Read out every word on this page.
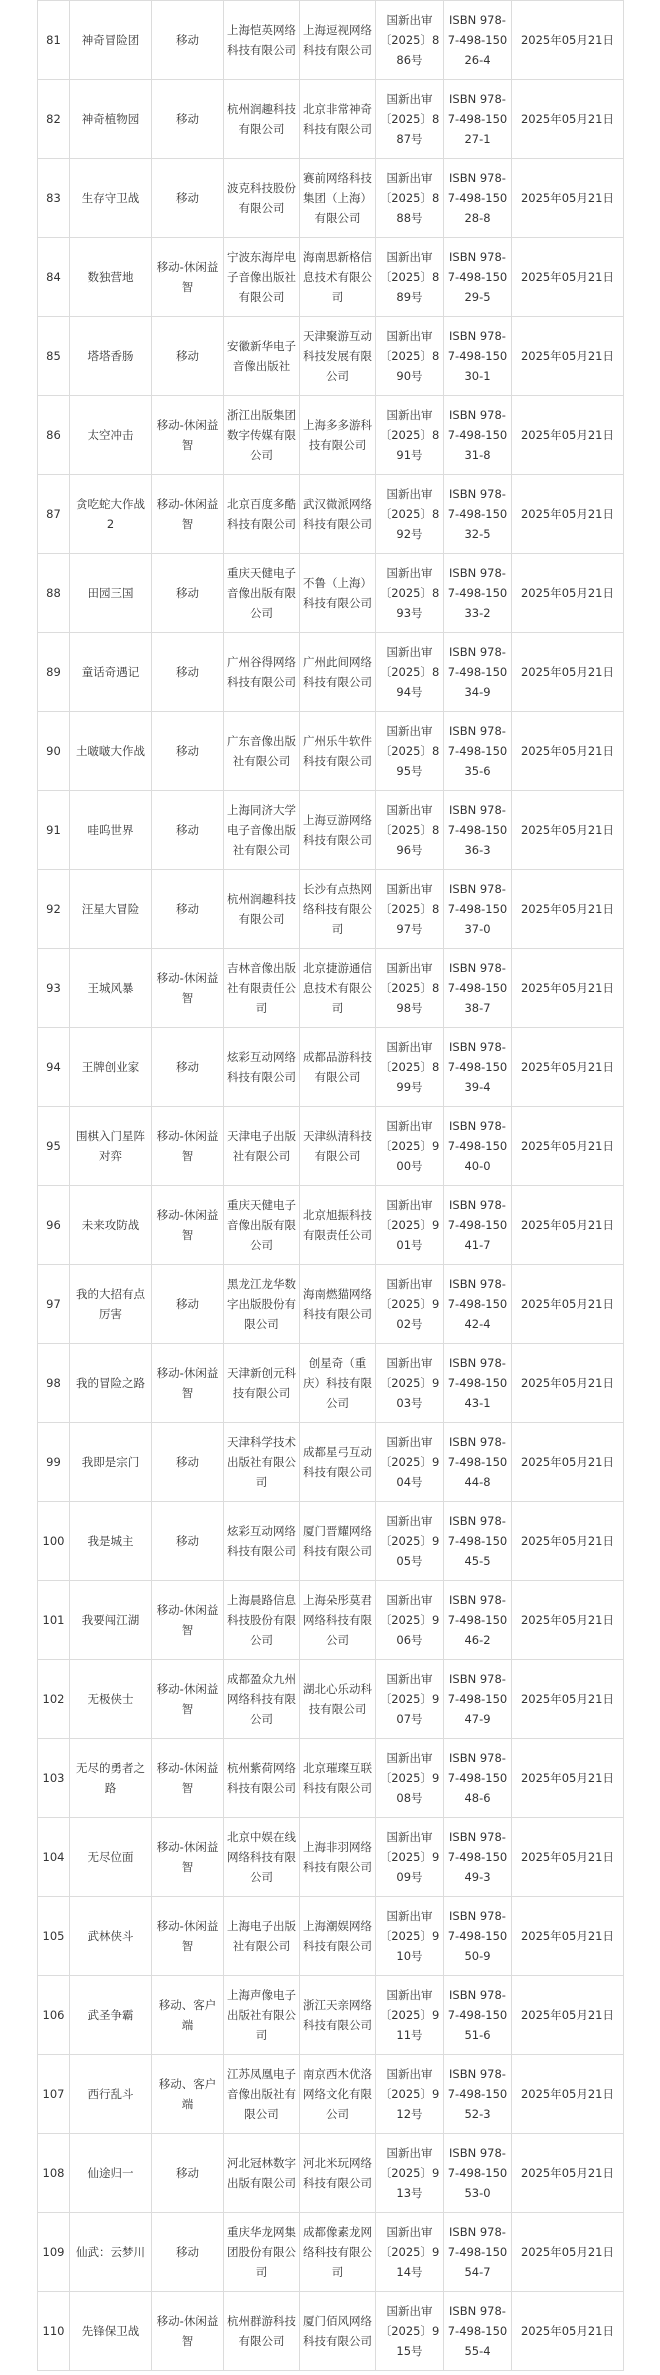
81	神奇冒险团	移动	上海恺英网络科技有限公司	上海逗视网络科技有限公司	国新出审〔2025〕886号	ISBN 978-7-498-15026-4	2025年05月21日
82	神奇植物园	移动	杭州润趣科技有限公司	北京非常神奇科技有限公司	国新出审〔2025〕887号	ISBN 978-7-498-15027-1	2025年05月21日
83	生存守卫战	移动	波克科技股份有限公司	赛前网络科技集团（上海）有限公司	国新出审〔2025〕888号	ISBN 978-7-498-15028-8	2025年05月21日
84	数独营地	移动-休闲益智	宁波东海岸电子音像出版社有限公司	海南思新格信息技术有限公司	国新出审〔2025〕889号	ISBN 978-7-498-15029-5	2025年05月21日
85	塔塔香肠	移动	安徽新华电子音像出版社	天津聚游互动科技发展有限公司	国新出审〔2025〕890号	ISBN 978-7-498-15030-1	2025年05月21日
86	太空冲击	移动-休闲益智	浙江出版集团数字传媒有限公司	上海多多游科技有限公司	国新出审〔2025〕891号	ISBN 978-7-498-15031-8	2025年05月21日
87	贪吃蛇大作战2	移动-休闲益智	北京百度多酷科技有限公司	武汉微派网络科技有限公司	国新出审〔2025〕892号	ISBN 978-7-498-15032-5	2025年05月21日
88	田园三国	移动	重庆天健电子音像出版有限公司	不鲁（上海）科技有限公司	国新出审〔2025〕893号	ISBN 978-7-498-15033-2	2025年05月21日
89	童话奇遇记	移动	广州谷得网络科技有限公司	广州此间网络科技有限公司	国新出审〔2025〕894号	ISBN 978-7-498-15034-9	2025年05月21日
90	土啵啵大作战	移动	广东音像出版社有限公司	广州乐牛软件科技有限公司	国新出审〔2025〕895号	ISBN 978-7-498-15035-6	2025年05月21日
91	哇呜世界	移动	上海同济大学电子音像出版社有限公司	上海豆游网络科技有限公司	国新出审〔2025〕896号	ISBN 978-7-498-15036-3	2025年05月21日
92	汪星大冒险	移动	杭州润趣科技有限公司	长沙有点热网络科技有限公司	国新出审〔2025〕897号	ISBN 978-7-498-15037-0	2025年05月21日
93	王城风暴	移动-休闲益智	吉林音像出版社有限责任公司	北京捷游通信息技术有限公司	国新出审〔2025〕898号	ISBN 978-7-498-15038-7	2025年05月21日
94	王牌创业家	移动	炫彩互动网络科技有限公司	成都品游科技有限公司	国新出审〔2025〕899号	ISBN 978-7-498-15039-4	2025年05月21日
95	围棋入门星阵对弈	移动-休闲益智	天津电子出版社有限公司	天津纵清科技有限公司	国新出审〔2025〕900号	ISBN 978-7-498-15040-0	2025年05月21日
96	未来攻防战	移动-休闲益智	重庆天健电子音像出版有限公司	北京旭振科技有限责任公司	国新出审〔2025〕901号	ISBN 978-7-498-15041-7	2025年05月21日
97	我的大招有点厉害	移动	黑龙江龙华数字出版股份有限公司	海南燃猫网络科技有限公司	国新出审〔2025〕902号	ISBN 978-7-498-15042-4	2025年05月21日
98	我的冒险之路	移动-休闲益智	天津新创元科技有限公司	创星奇（重庆）科技有限公司	国新出审〔2025〕903号	ISBN 978-7-498-15043-1	2025年05月21日
99	我即是宗门	移动	天津科学技术出版社有限公司	成都星弓互动科技有限公司	国新出审〔2025〕904号	ISBN 978-7-498-15044-8	2025年05月21日
100	我是城主	移动	炫彩互动网络科技有限公司	厦门晋耀网络科技有限公司	国新出审〔2025〕905号	ISBN 978-7-498-15045-5	2025年05月21日
101	我要闯江湖	移动-休闲益智	上海晨路信息科技股份有限公司	上海朵彤莫君网络科技有限公司	国新出审〔2025〕906号	ISBN 978-7-498-15046-2	2025年05月21日
102	无极侠士	移动-休闲益智	成都盈众九州网络科技有限公司	湖北心乐动科技有限公司	国新出审〔2025〕907号	ISBN 978-7-498-15047-9	2025年05月21日
103	无尽的勇者之路	移动-休闲益智	杭州紫荷网络科技有限公司	北京璀璨互联科技有限公司	国新出审〔2025〕908号	ISBN 978-7-498-15048-6	2025年05月21日
104	无尽位面	移动-休闲益智	北京中娱在线网络科技有限公司	上海非羽网络科技有限公司	国新出审〔2025〕909号	ISBN 978-7-498-15049-3	2025年05月21日
105	武林侠斗	移动-休闲益智	上海电子出版社有限公司	上海潮娱网络科技有限公司	国新出审〔2025〕910号	ISBN 978-7-498-15050-9	2025年05月21日
106	武圣争霸	移动、客户端	上海声像电子出版社有限公司	浙江天亲网络科技有限公司	国新出审〔2025〕911号	ISBN 978-7-498-15051-6	2025年05月21日
107	西行乱斗	移动、客户端	江苏凤凰电子音像出版社有限公司	南京西木优洛网络文化有限公司	国新出审〔2025〕912号	ISBN 978-7-498-15052-3	2025年05月21日
108	仙途归一	移动	河北冠林数字出版有限公司	河北米玩网络科技有限公司	国新出审〔2025〕913号	ISBN 978-7-498-15053-0	2025年05月21日
109	仙武：云梦川	移动	重庆华龙网集团股份有限公司	成都像素龙网络科技有限公司	国新出审〔2025〕914号	ISBN 978-7-498-15054-7	2025年05月21日
110	先锋保卫战	移动-休闲益智	杭州群游科技有限公司	厦门佰风网络科技有限公司	国新出审〔2025〕915号	ISBN 978-7-498-15055-4	2025年05月21日
